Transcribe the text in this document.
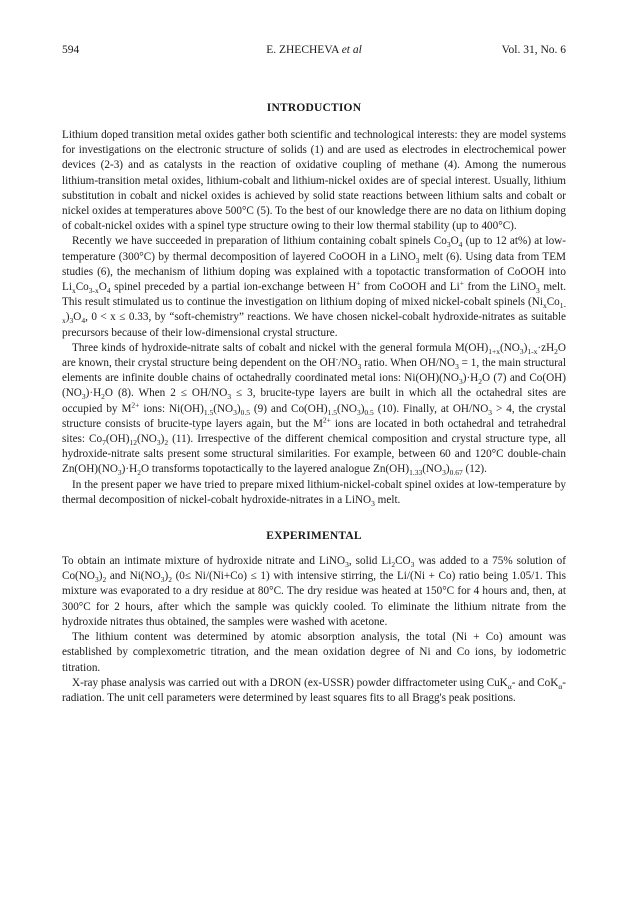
594	E. ZHECHEVA et al	Vol. 31, No. 6
INTRODUCTION

Lithium doped transition metal oxides gather both scientific and technological interests: they are model systems for investigations on the electronic structure of solids (1) and are used as electrodes in electrochemical power devices (2-3) and as catalysts in the reaction of oxidative coupling of methane (4). Among the numerous lithium-transition metal oxides, lithium-cobalt and lithium-nickel oxides are of special interest. Usually, lithium substitution in cobalt and nickel oxides is achieved by solid state reactions between lithium salts and cobalt or nickel oxides at temperatures above 500°C (5). To the best of our knowledge there are no data on lithium doping of cobalt-nickel oxides with a spinel type structure owing to their low thermal stability (up to 400°C).

Recently we have succeeded in preparation of lithium containing cobalt spinels $Co_3O_4$ (up to 12 at%) at low-temperature (300°C) by thermal decomposition of layered CoOOH in a LiNO$_3$ melt (6). Using data from TEM studies (6), the mechanism of lithium doping was explained with a topotactic transformation of CoOOH into $Li_xCo_{3-x}O_4$ spinel preceded by a partial ion-exchange between H+ from CoOOH and Li+ from the LiNO$_3$ melt. This result stimulated us to continue the investigation on lithium doping of mixed nickel-cobalt spinels $(Ni_xCo_{1-x})_3O_4$, 0 < x ≤ 0.33, by “soft-chemistry” reactions. We have chosen nickel-cobalt hydroxide-nitrates as suitable precursors because of their low-dimensional crystal structure.

Three kinds of hydroxide-nitrate salts of cobalt and nickel with the general formula $M(OH)_{1+x}(NO_3)_{1-x}\cdot zH_2O$ are known, their crystal structure being dependent on the $OH^-/NO_3$ ratio. When $OH/NO_3 = 1$, the main structural elements are infinite double chains of octahedrally coordinated metal ions: $Ni(OH)(NO_3)\cdot H_2O$ (7) and $Co(OH)(NO_3)\cdot H_2O$ (8). When $2 \le OH/NO_3 \le 3$, brucite-type layers are built in which all the octahedral sites are occupied by $M^{2+}$ ions: $Ni(OH)_{1.5}(NO_3)_{0.5}$ (9) and $Co(OH)_{1.5}(NO_3)_{0.5}$ (10). Finally, at $OH/NO_3 > 4$, the crystal structure consists of brucite-type layers again, but the $M^{2+}$ ions are located in both octahedral and tetrahedral sites: $Co_7(OH)_{12}(NO_3)_2$ (11). Irrespective of the different chemical composition and crystal structure type, all hydroxide-nitrate salts present some structural similarities. For example, between 60 and 120°C double-chain $Zn(OH)(NO_3)\cdot H_2O$ transforms topotactically to the layered analogue $Zn(OH)_{1.33}(NO_3)_{0.67}$ (12).

In the present paper we have tried to prepare mixed lithium-nickel-cobalt spinel oxides at low-temperature by thermal decomposition of nickel-cobalt hydroxide-nitrates in a LiNO$_3$ melt.

EXPERIMENTAL

To obtain an intimate mixture of hydroxide nitrate and LiNO$_3$, solid $Li_2CO_3$ was added to a 75% solution of $Co(NO_3)_2$ and $Ni(NO_3)_2$ (0≤ Ni/(Ni+Co) ≤ 1) with intensive stirring, the Li/(Ni + Co) ratio being 1.05/1. This mixture was evaporated to a dry residue at 80°C. The dry residue was heated at 150°C for 4 hours and, then, at 300°C for 2 hours, after which the sample was quickly cooled. To eliminate the lithium nitrate from the hydroxide nitrates thus obtained, the samples were washed with acetone.

The lithium content was determined by atomic absorption analysis, the total (Ni + Co) amount was established by complexometric titration, and the mean oxidation degree of Ni and Co ions, by iodometric titration.

X-ray phase analysis was carried out with a DRON (ex-USSR) powder diffractometer using CuK$_\alpha$- and CoK$_\alpha$-radiation. The unit cell parameters were determined by least squares fits to all Bragg's peak positions.
